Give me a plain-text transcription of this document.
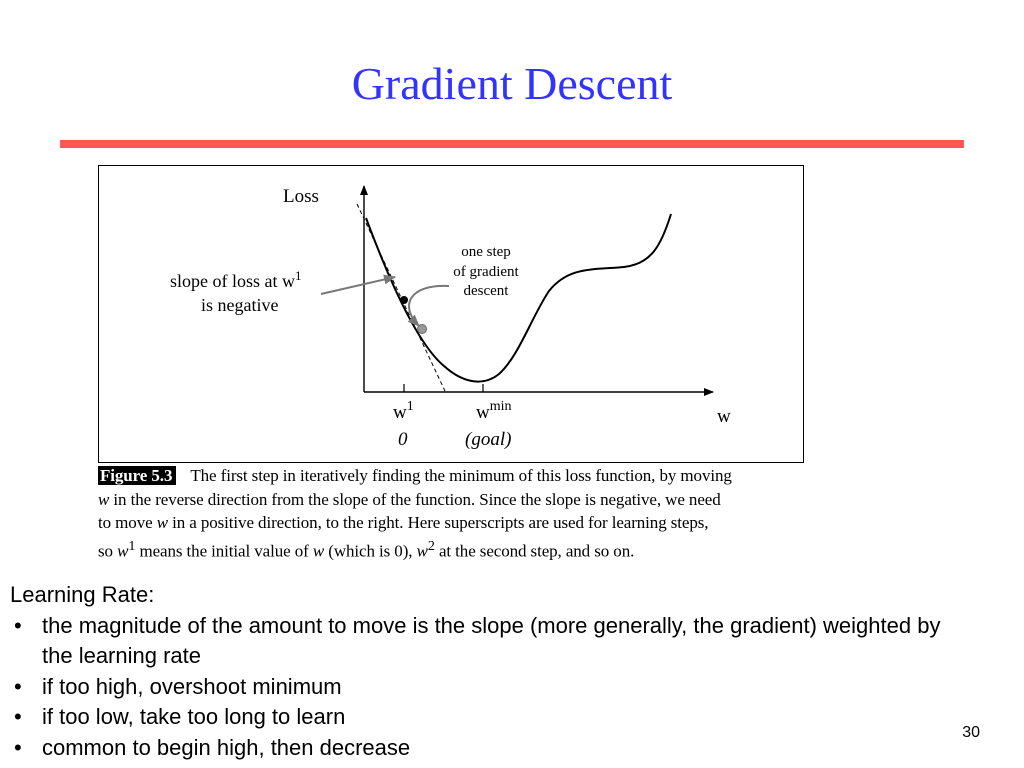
Gradient Descent
Loss
w
slope of loss at $w^1$
is negative
one step
of gradient
descent
$w^1$	$w^{min}$
0	(goal)
Figure 5.3 The first step in iteratively finding the minimum of this loss function, by moving
w in the reverse direction from the slope of the function. Since the slope is negative, we need
to move w in a positive direction, to the right. Here superscripts are used for learning steps,
so $w^1$ means the initial value of w (which is 0), $w^2$ at the second step, and so on.
Learning Rate:
• the magnitude of the amount to move is the slope (more generally, the gradient) weighted by the learning rate
• if too high, overshoot minimum
• if too low, take too long to learn
• common to begin high, then decrease
30
